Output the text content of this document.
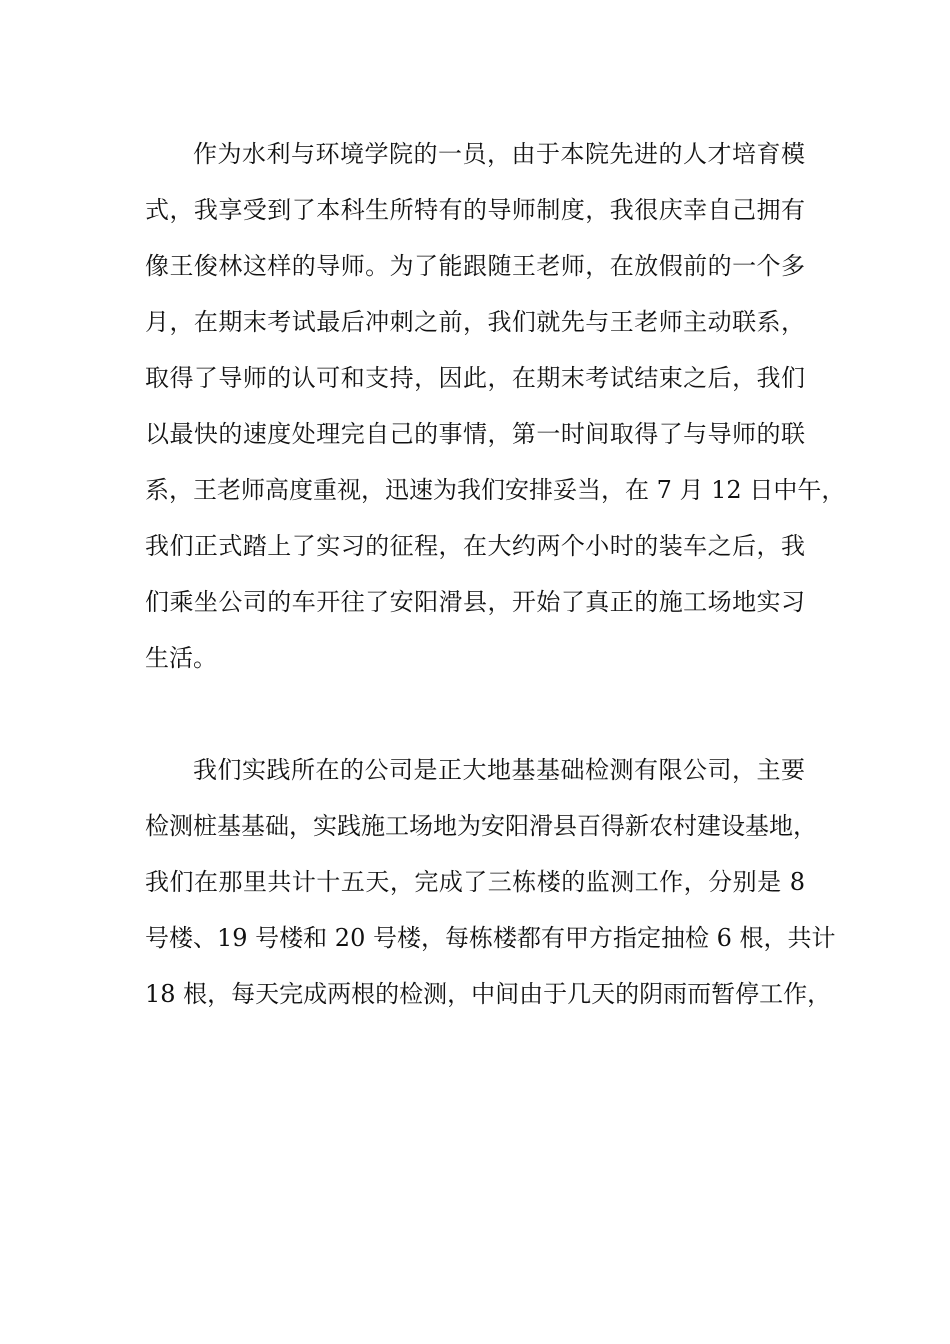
作为水利与环境学院的一员，由于本院先进的人才培育模
式，我享受到了本科生所特有的导师制度，我很庆幸自己拥有
像王俊林这样的导师。为了能跟随王老师，在放假前的一个多
月，在期末考试最后冲刺之前，我们就先与王老师主动联系，
取得了导师的认可和支持，因此，在期末考试结束之后，我们
以最快的速度处理完自己的事情，第一时间取得了与导师的联
系，王老师高度重视，迅速为我们安排妥当，在 7 月 12 日中午，
我们正式踏上了实习的征程，在大约两个小时的装车之后，我
们乘坐公司的车开往了安阳滑县，开始了真正的施工场地实习
生活。
我们实践所在的公司是正大地基基础检测有限公司，主要
检测桩基基础，实践施工场地为安阳滑县百得新农村建设基地，
我们在那里共计十五天，完成了三栋楼的监测工作，分别是 8
号楼、19 号楼和 20 号楼，每栋楼都有甲方指定抽检 6 根，共计
18 根，每天完成两根的检测，中间由于几天的阴雨而暂停工作，
